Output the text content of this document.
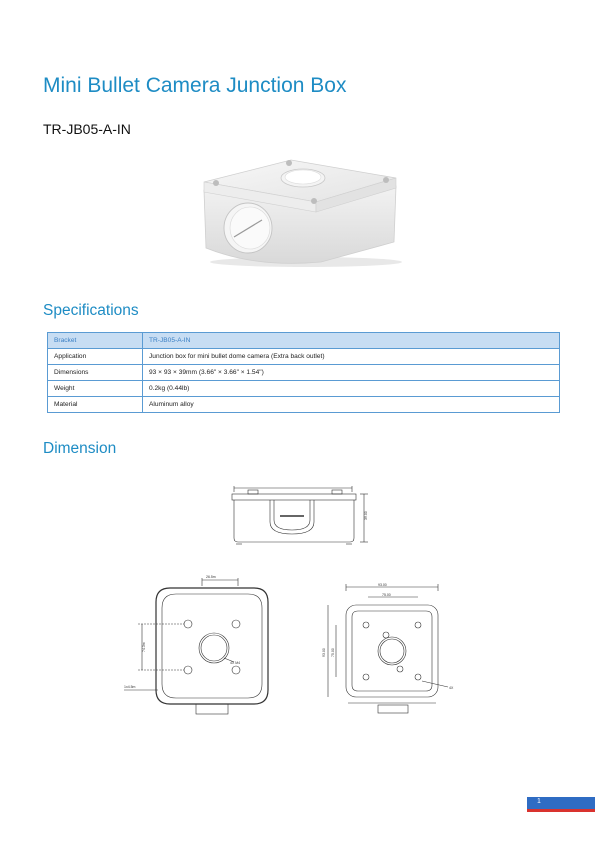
Mini Bullet Camera Junction Box
TR-JB05-A-IN
Specifications
Bracket	TR-JB05-A-IN
Application	Junction box for mini bullet dome camera (Extra back outlet)
Dimensions	93 × 93 × 39mm (3.66" × 3.66" × 1.54")
Weight	0.2kg (0.44lb)
Material	Aluminum alloy
Dimension
39.00
26.5m
74.3m
4X M4
1x4.5m
93.00
75.00
93.00 75.00
4X
1
